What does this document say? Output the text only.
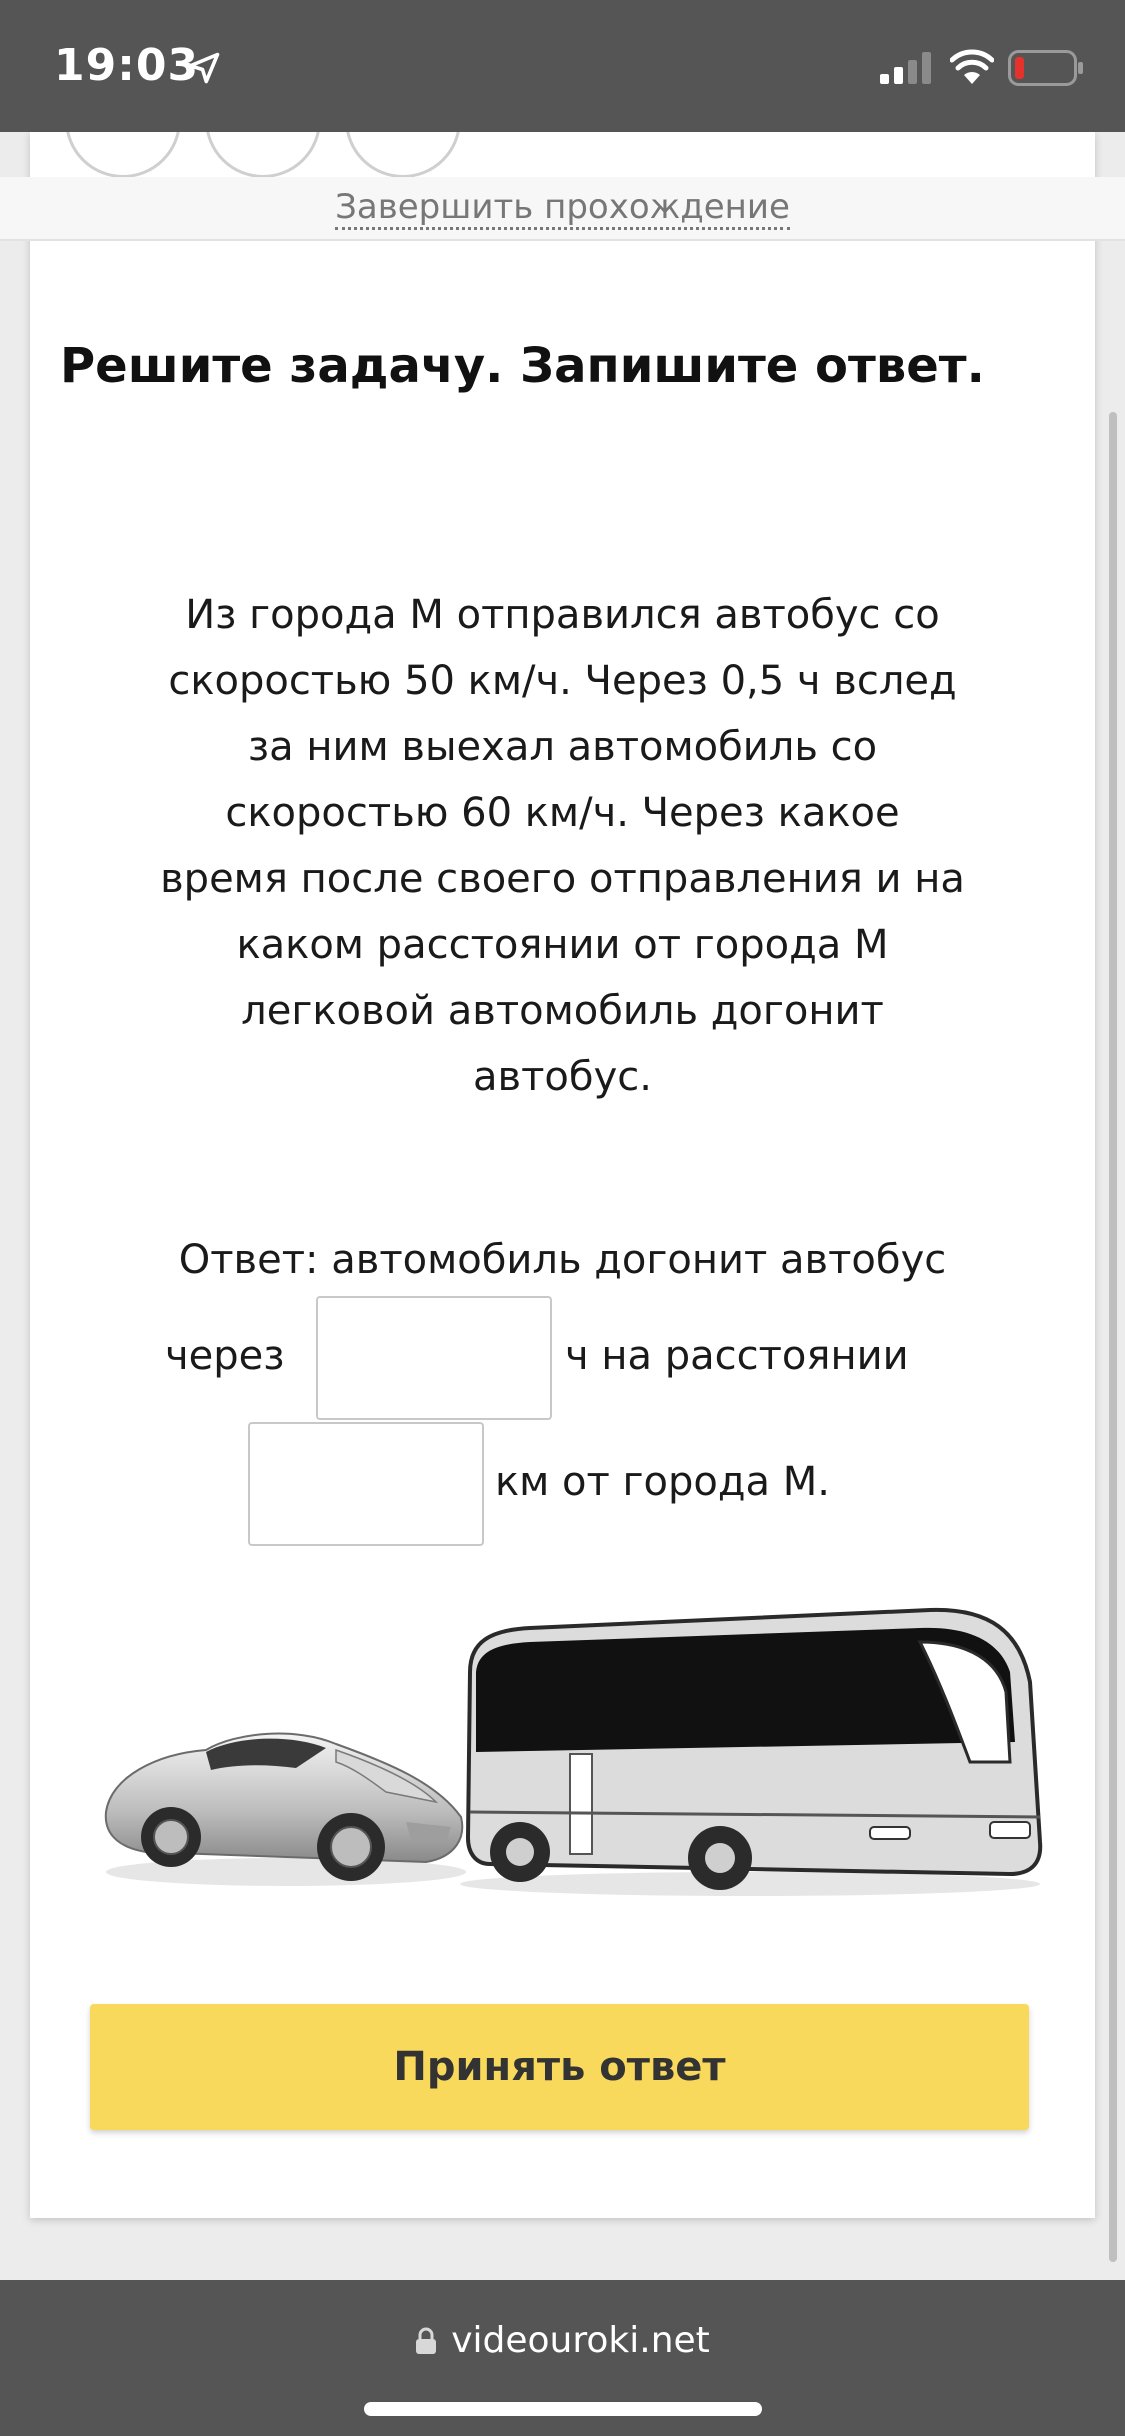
19:03
Решите задачу. Запишите ответ.

Из города М отправился автобус со скоростью 50 км/ч. Через 0,5 ч вслед за ним выехал автомобиль со скоростью 60 км/ч. Через какое время после своего отправления и на каком расстоянии от города М легковой автомобиль догонит автобус.

Ответ: автомобиль догонит автобус
через	ч на расстоянии
км от города М.
Принять ответ
Завершить прохождение
videouroki.net
